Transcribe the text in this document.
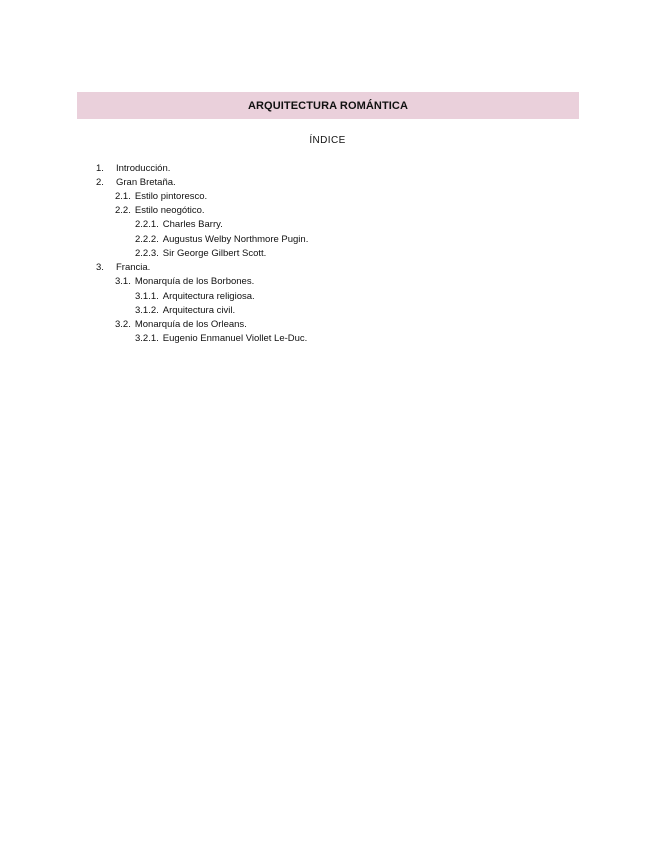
ARQUITECTURA ROMÁNTICA
ÍNDICE
1. Introducción.
2. Gran Bretaña.
2.1. Estilo pintoresco.
2.2. Estilo neogótico.
2.2.1. Charles Barry.
2.2.2. Augustus Welby Northmore Pugin.
2.2.3. Sir George Gilbert Scott.
3. Francia.
3.1. Monarquía de los Borbones.
3.1.1. Arquitectura religiosa.
3.1.2. Arquitectura civil.
3.2. Monarquía de los Orleans.
3.2.1. Eugenio Enmanuel Viollet Le-Duc.
